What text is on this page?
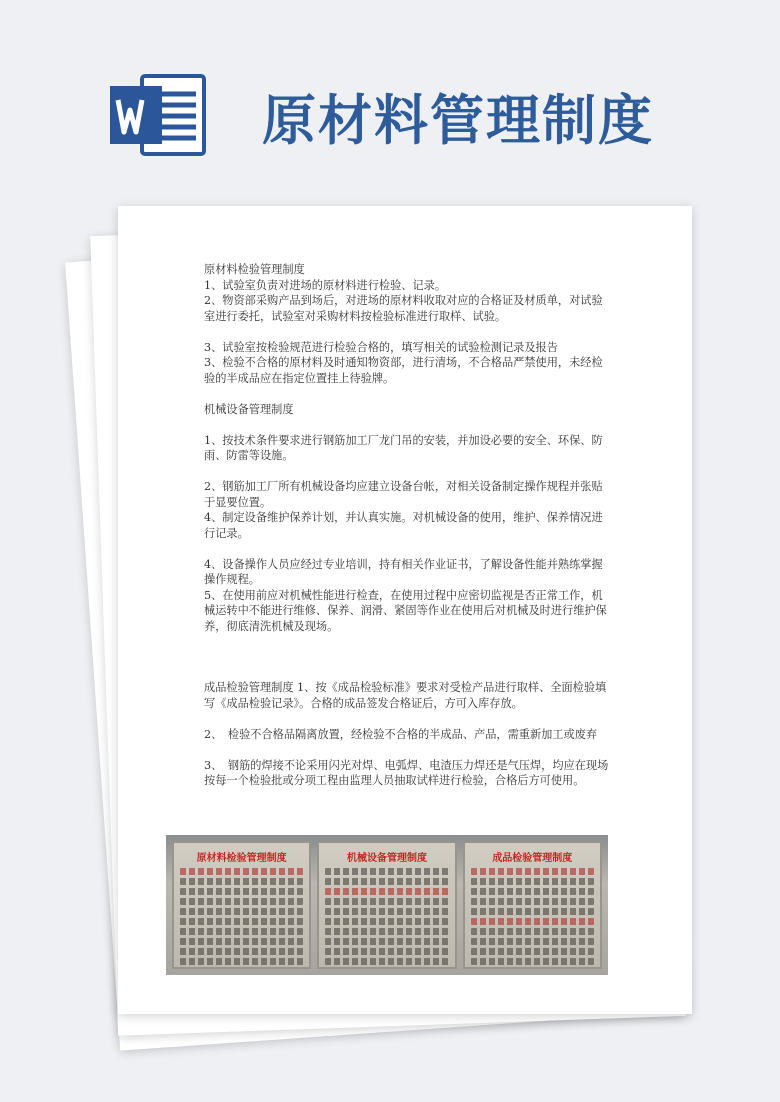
原材料管理制度

原材料检验管理制度

1、试验室负责对进场的原材料进行检验、记录。

2、物资部采购产品到场后，对进场的原材料收取对应的合格证及材质单，对试验室进行委托，试验室对采购材料按检验标准进行取样、试验。

3、试验室按检验规范进行检验合格的，填写相关的试验检测记录及报告

3、检验不合格的原材料及时通知物资部，进行清场，不合格品严禁使用，未经检验的半成品应在指定位置挂上待验牌。

机械设备管理制度

1、按技术条件要求进行钢筋加工厂龙门吊的安装，并加设必要的安全、环保、防雨、防雷等设施。

2、钢筋加工厂所有机械设备均应建立设备台帐，对相关设备制定操作规程并张贴于显要位置。

4、制定设备维护保养计划，并认真实施。对机械设备的使用，维护、保养情况进行记录。

4、设备操作人员应经过专业培训，持有相关作业证书，了解设备性能并熟练掌握操作规程。

5、在使用前应对机械性能进行检查，在使用过程中应密切监视是否正常工作，机械运转中不能进行维修、保养、润滑、紧固等作业在使用后对机械及时进行维护保养，彻底清洗机械及现场。

成品检验管理制度 1、按《成品检验标准》要求对受检产品进行取样、全面检验填写《成品检验记录》。合格的成品签发合格证后，方可入库存放。

2、　检验不合格品隔离放置，经检验不合格的半成品、产品，需重新加工或废弃

3、　钢筋的焊接不论采用闪光对焊、电弧焊、电渣压力焊还是气压焊，均应在现场按每一个检验批或分项工程由监理人员抽取试样进行检验，合格后方可使用。

原材料检验管理制度	机械设备管理制度	成品检验管理制度
